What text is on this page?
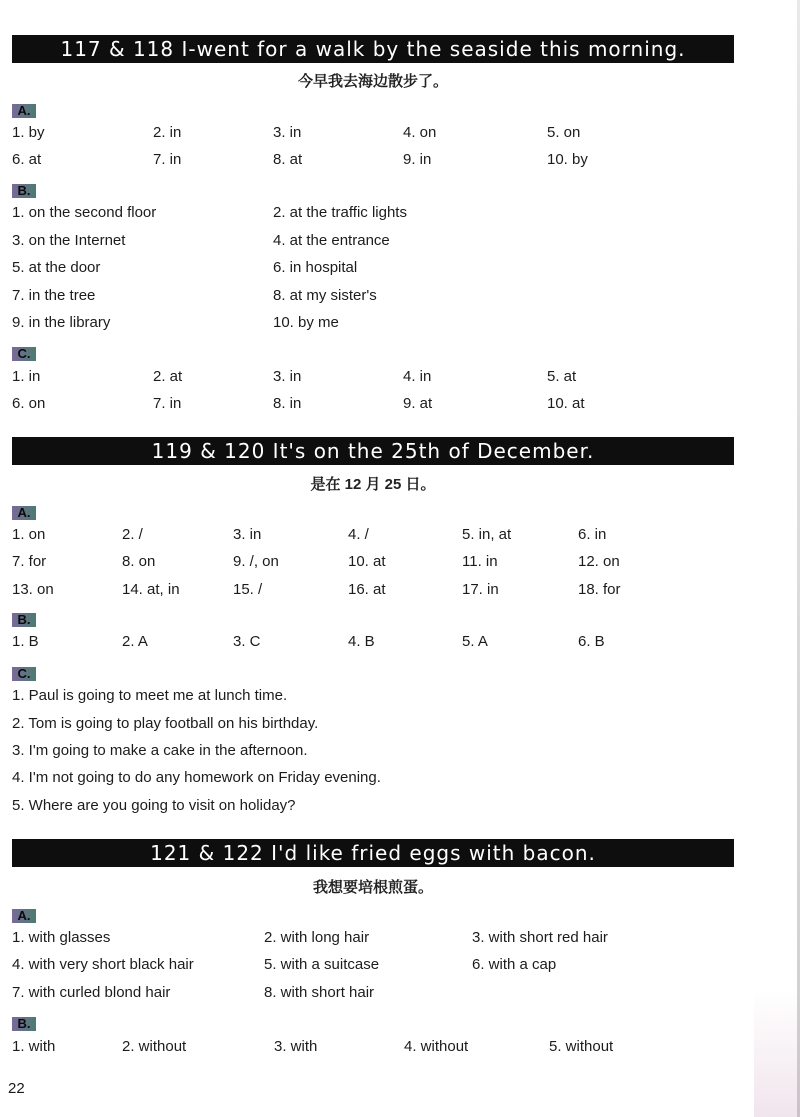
117 & 118 I-went for a walk by the seaside this morning.
今早我去海边散步了。
A.
1. by	2. in	3. in	4. on	5. on
6. at	7. in	8. at	9. in	10. by
B.
1. on the second floor	2. at the traffic lights
3. on the Internet	4. at the entrance
5. at the door	6. in hospital
7. in the tree	8. at my sister's
9. in the library	10. by me
C.
1. in	2. at	3. in	4. in	5. at
6. on	7. in	8. in	9. at	10. at
119 & 120 It's on the 25th of December.
是在 12 月 25 日。
A.
1. on	2. /	3. in	4. /	5. in, at	6. in
7. for	8. on	9. /, on	10. at	11. in	12. on
13. on	14. at, in	15. /	16. at	17. in	18. for
B.
1. B	2. A	3. C	4. B	5. A	6. B
C.
1. Paul is going to meet me at lunch time.
2. Tom is going to play football on his birthday.
3. I'm going to make a cake in the afternoon.
4. I'm not going to do any homework on Friday evening.
5. Where are you going to visit on holiday?
121 & 122 I'd like fried eggs with bacon.
我想要培根煎蛋。
A.
1. with glasses	2. with long hair	3. with short red hair
4. with very short black hair	5. with a suitcase	6. with a cap
7. with curled blond hair	8. with short hair
B.
1. with	2. without	3. with	4. without	5. without
22
